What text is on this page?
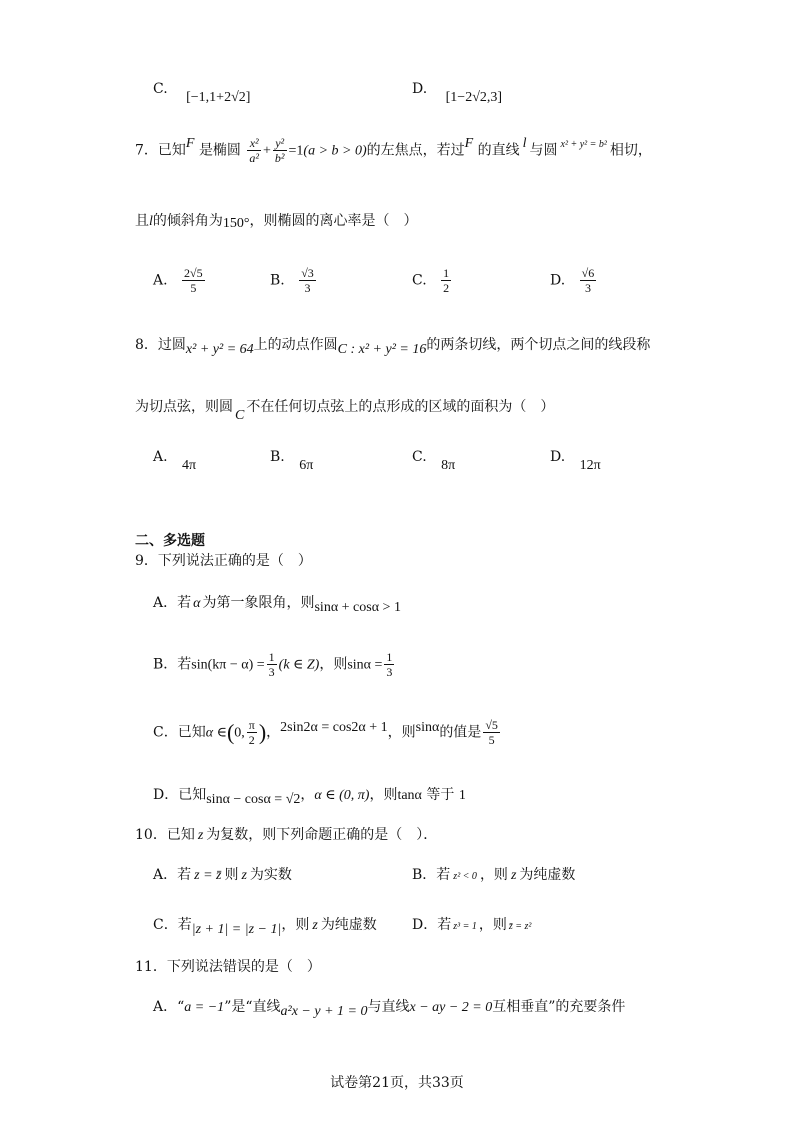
C. [−1,1+2√2]
D. [1−2√2,3]
7．已知F 是椭圆 $\frac{\text{x²}}{\text{a²}} + \frac{\text{y²}}{\text{b²}} =1(a > b > 0)$的左焦点，若过F 的直线 l 与圆 $^{x^2 + y^2 = b^2}$ 相切，
且l的倾斜角为150°，则椭圆的离心率是（　）
A. $\frac{2√5}{5}$	B. $\frac{√3}{3}$	C. $\frac{1}{2}$	D. $\frac{√6}{3}$
8．过圆x² + y² = 64上的动点作圆C : x² + y² = 16的两条切线，两个切点之间的线段称
为切点弦，则圆C不在任何切点弦上的点形成的区域的面积为（　）
A. 4π
B. 6π
C. 8π
D. 12π
二、多选题
9．下列说法正确的是（　）
A．若 α 为第一象限角，则sinα + cosα > 1
B．若$\sin(k\pi - \alpha) = \frac{1}{3} (k$ ∈ Z)，则$\sin\alpha = \frac{1}{3}$
C．已知α ∈(0, $\frac{\pi}{2}$ )，2sin2α = cos2α + 1，则sinα的值是 $\frac{√5}{5}$
D．已知sinα − cosα = √2，α ∈ (0, π)，则tanα 等于 1
10．已知 z 为复数，则下列命题正确的是（　）．
A．若 z = z̄ 则 z 为实数	B．若 z² < 0 ，则 z 为纯虚数
C．若|z + 1| = |z − 1|，则 z 为纯虚数	D．若 z³ = 1 ，则 z̄ = z²
11．下列说法错误的是（　）
A．“a = −1”是“直线a²x − y + 1 = 0与直线x − ay − 2 = 0互相垂直”的充要条件
试卷第21页，共33页
